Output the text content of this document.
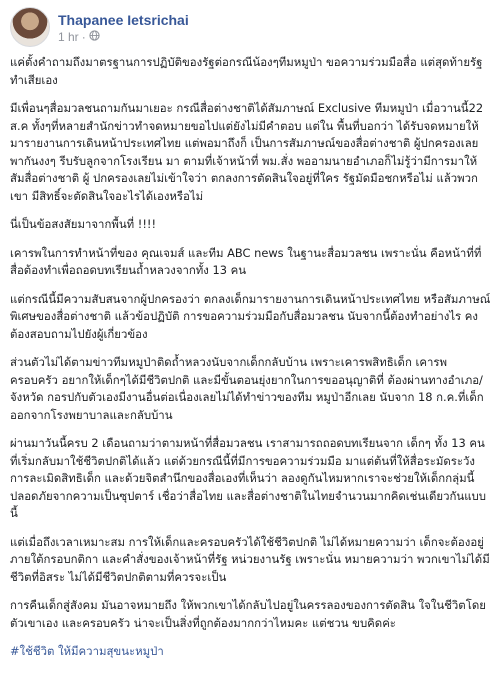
Thapanee Ietsrichai
1 hr ·

แค่ตั้งคำถามถึงมาตรฐานการปฏิบัติของรัฐต่อกรณีน้องๆทีมหมูป่า ขอความร่วมมือสื่อ แต่สุดท้ายรัฐทำเสียเอง

มีเพื่อนๆสื่อมวลชนถามกันมาเยอะ กรณีสื่อต่างชาติได้สัมภาษณ์ Exclusive ทีมหมูป่า เมื่อวานนี้22 ส.ค ทั้งๆที่หลายสำนักข่าวทำจดหมายขอไปแต่ยังไม่มีคำตอบ แต่ใน พื้นที่บอกว่า ได้รับจดหมายให้มารายงานการเดินหน้าประเทศไทย แต่พอมาถึงก็ เป็นการสัมภาษณ์ของสื่อต่างชาติ ผู้ปกครองเลยพากันงงๆ รีบรับลูกจากโรงเรียน มา ตามที่เจ้าหน้าที่ พม.สั่ง พออามนายอำเภอก็ไม่รู้ว่ามีการมาให้สัมสื่อต่างชาติ ผู้ ปกครองเลยไม่เข้าใจว่า ตกลงการตัดสินใจอยู่ที่ใคร รัฐมัดมือชกหรือไม่ แล้วพวกเขา มีสิทธิ์จะตัดสินใจอะไรได้เองหรือไม่

นี่เป็นข้อสงสัยมาจากพื้นที่ !!!!

เคารพในการทำหน้าที่ของ คุณเจมส์ และทีม ABC news ในฐานะสื่อมวลชน เพราะนั่น คือหน้าที่ที่สื่อต้องทำเพื่อถอดบทเรียนถ้ำหลวงจากทั้ง 13 คน

แต่กรณีนี้มีความสับสนจากผู้ปกครองว่า ตกลงเด็กมารายงานการเดินหน้าประเทศไทย หรือสัมภาษณ์พิเศษของสื่อต่างชาติ แล้วข้อปฏิบัติ การขอความร่วมมือกับสื่อมวลชน นับจากนี้ต้องทำอย่างไร คงต้องสอบถามไปยังผู้เกี่ยวข้อง

ส่วนตัวไม่ได้ตามข่าวทีมหมูป่าติดถ้ำหลวงนับจากเด็กกลับบ้าน เพราะเคารพสิทธิเด็ก เคารพครอบครัว อยากให้เด็กๆได้มีชีวิตปกติ และมีขั้นตอนยุ่งยากในการขออนุญาติที่ ต้องผ่านทางอำเภอ/จังหวัด กอรปกับตัวเองมีงานอื่นต่อเนื่องเลยไม่ได้ทำข่าวของทีม หมูป่าอีกเลย นับจาก 18 ก.ค.ที่เด็กออกจากโรงพยาบาลและกลับบ้าน

ผ่านมาวันนี้ครบ 2 เดือนถามว่าตามหน้าที่สื่อมวลชน เราสามารถถอดบทเรียนจาก เด็กๆ ทั้ง 13 คน ที่เริ่มกลับมาใช้ชีวิตปกติได้แล้ว แต่ด้วยกรณีนี้ที่มีการขอความร่วมมือ มาแต่ต้นที่ให้สื่อระมัดระวังการละเมิดสิทธิเด็ก และด้วยจิตสำนึกของสื่อเองที่เห็นว่า ลองดูกันไหมหากเราจะช่วยให้เด็กกลุ่มนี้ปลอดภัยจากความเป็นซุปตาร์ เชื่อว่าสื่อไทย และสื่อต่างชาติในไทยจำนวนมากคิดเช่นเดียวกันแบบนี้

แต่เมื่อถึงเวลาเหมาะสม การให้เด็กและครอบครัวได้ใช้ชีวิตปกติ ไม่ได้หมายความว่า เด็กจะต้องอยู่ภายใต้กรอบกติกา และคำสั่งของเจ้าหน้าที่รัฐ หน่วยงานรัฐ เพราะนั่น หมายความว่า พวกเขาไม่ได้มีชีวิตที่อิสระ ไม่ได้มีชีวิตปกติตามที่ควรจะเป็น

การคืนเด็กสู่สังคม มันอาจหมายถึง ให้พวกเขาได้กลับไปอยู่ในครรลองของการตัดสิน ใจในชีวิตโดยตัวเขาเอง และครอบครัว น่าจะเป็นสิ่งที่ถูกต้องมากกว่าไหมคะ แต่ชวน ขบคิดค่ะ

#ใช้ชีวิต ให้มีความสุขนะหมูป่า
